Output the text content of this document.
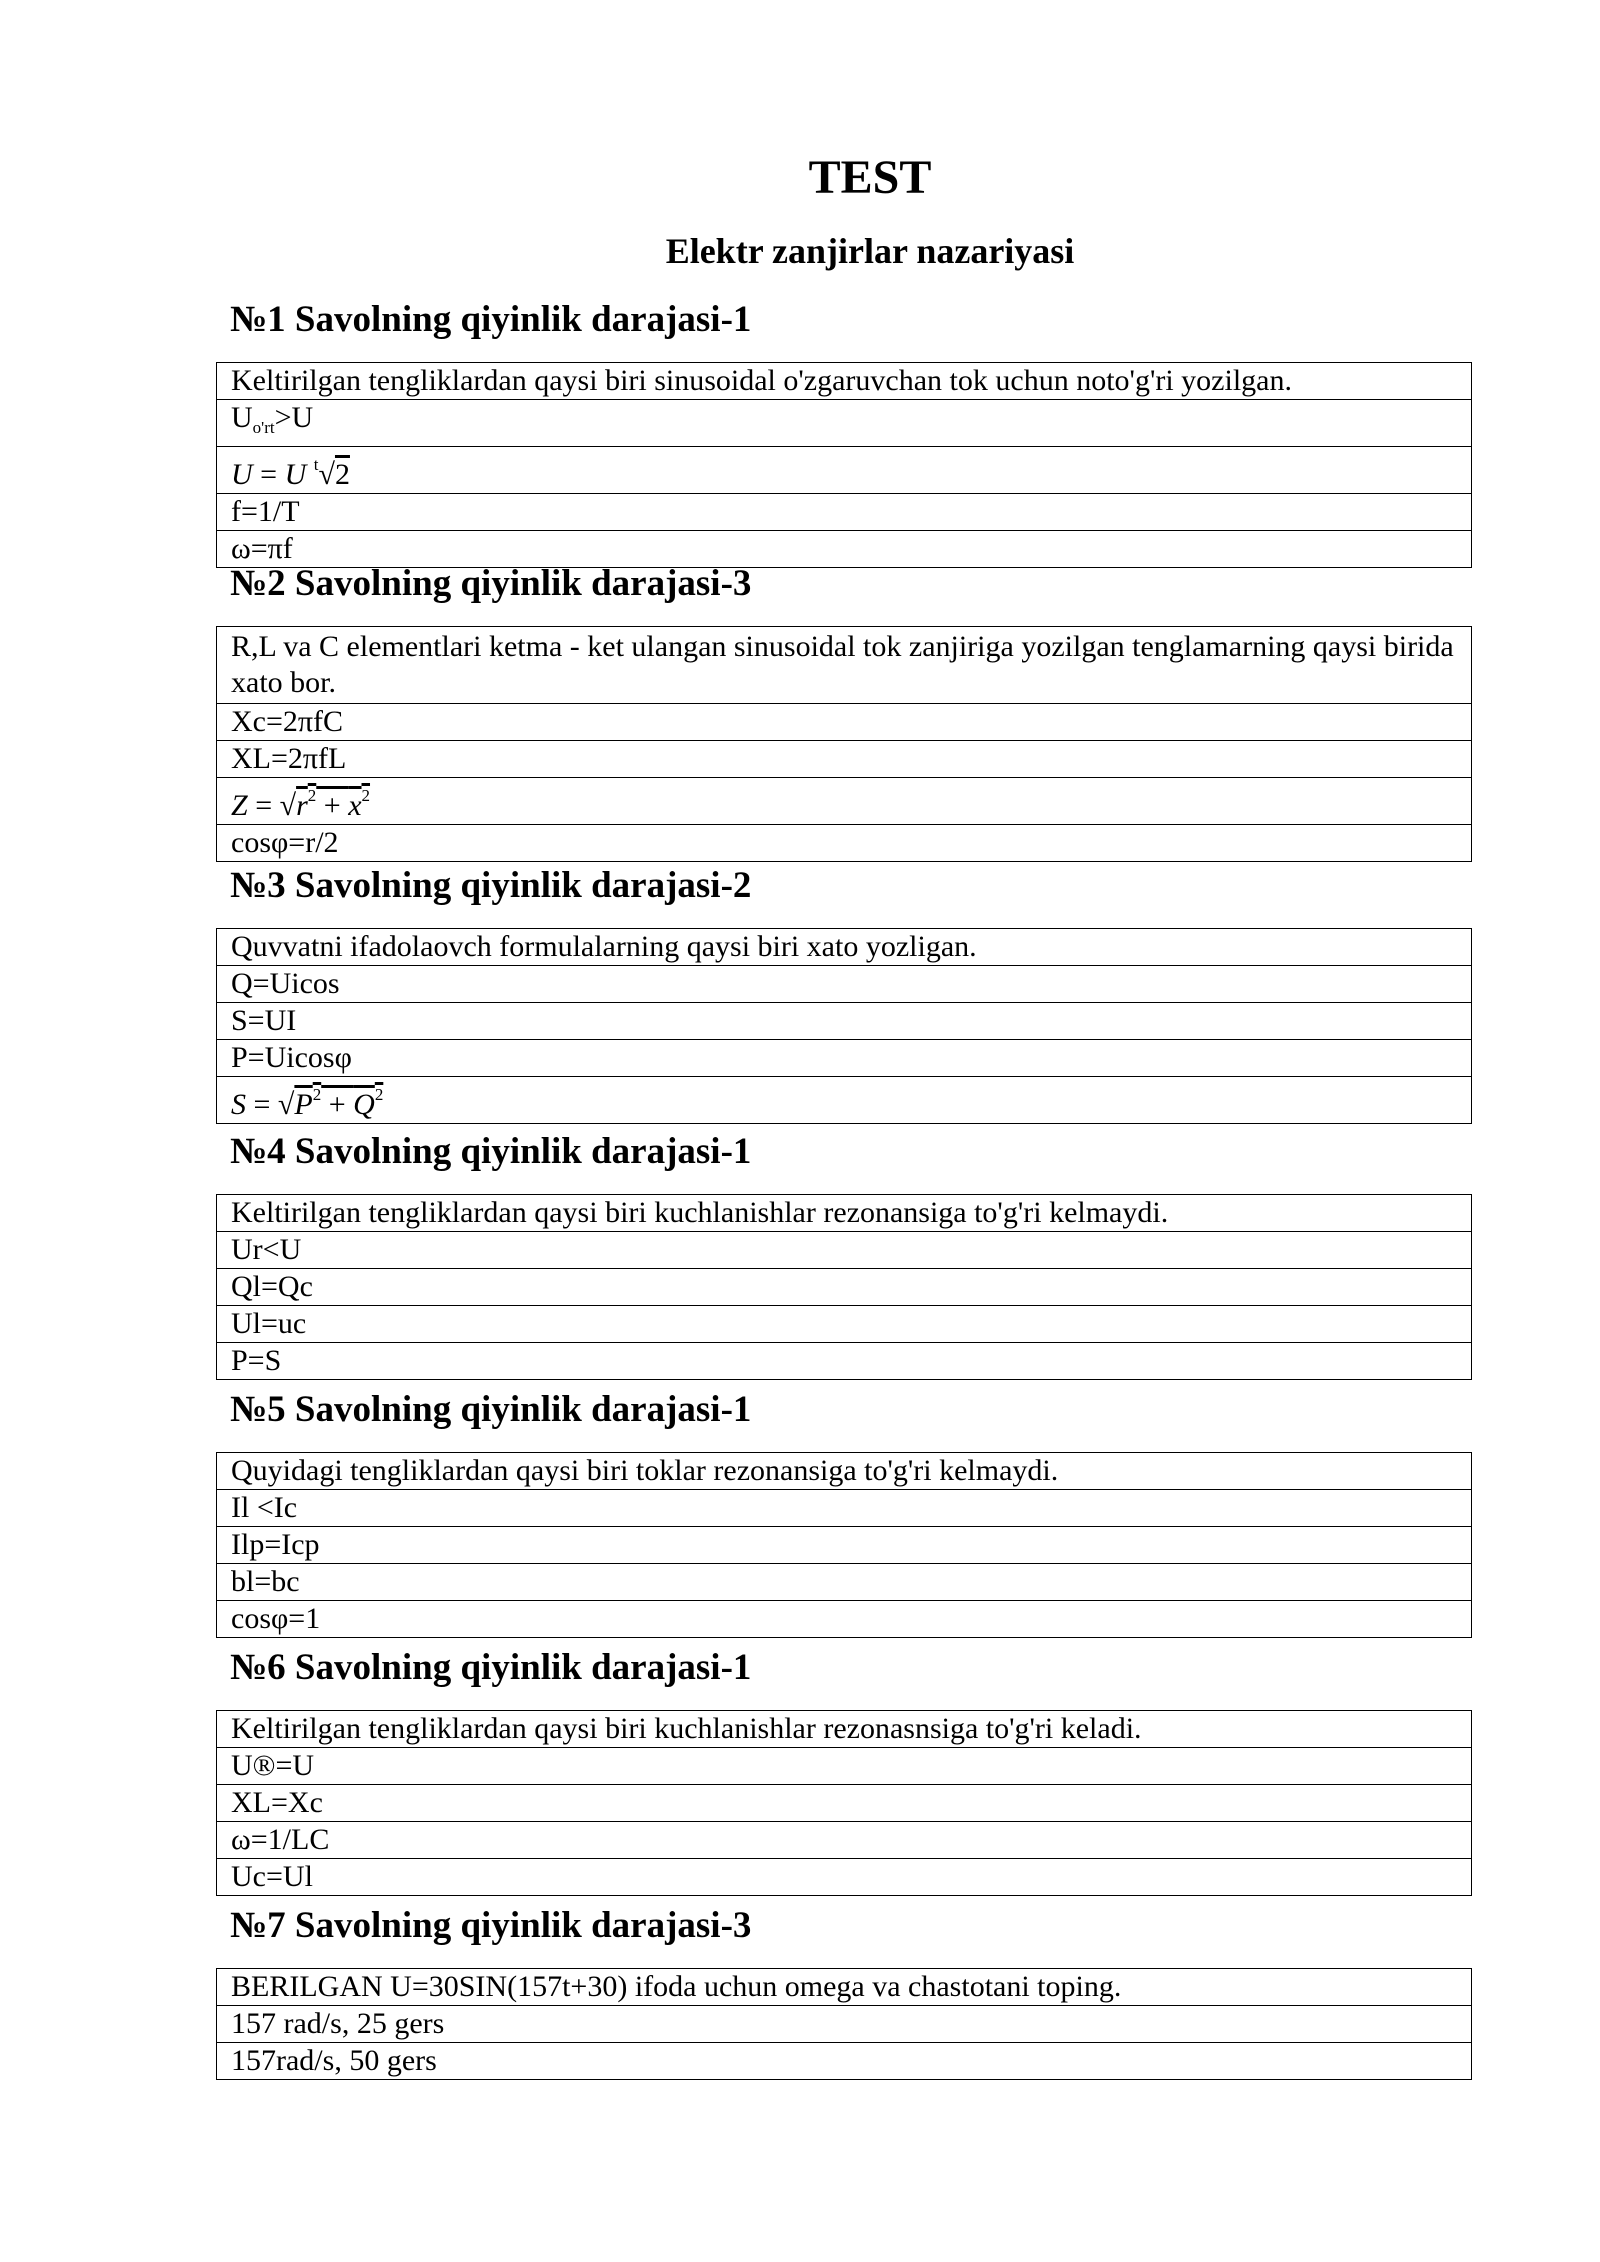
TEST
Elektr zanjirlar nazariyasi
№1 Savolning qiyinlik darajasi-1
Keltirilgan tengliklardan qaysi biri sinusoidal o'zgaruvchan tok uchun noto'g'ri yozilgan.
$U_{o'rt}>U$
U = U $^t$√2
f=1/T
ω=πf
№2 Savolning qiyinlik darajasi-3
R,L va C elementlari ketma - ket ulangan sinusoidal tok zanjiriga yozilgan tenglamarning qaysi birida xato bor.
Xc=2πfC
XL=2πfL
$Z = √r^2 + x^2$
cosφ=r/2
№3 Savolning qiyinlik darajasi-2
Quvvatni ifadolaovch formulalarning qaysi biri xato yozligan.
Q=Uicos
S=UI
P=Uicosφ
$S = √P^2 + Q^2$
№4 Savolning qiyinlik darajasi-1
Keltirilgan tengliklardan qaysi biri kuchlanishlar rezonansiga to'g'ri kelmaydi.
Ur<U
Ql=Qc
Ul=uc
P=S
№5 Savolning qiyinlik darajasi-1
Quyidagi tengliklardan qaysi biri toklar rezonansiga to'g'ri kelmaydi.
Il <Ic
Ilp=Icp
bl=bc
cosφ=1
№6 Savolning qiyinlik darajasi-1
Keltirilgan tengliklardan qaysi biri kuchlanishlar rezonasnsiga to'g'ri keladi.
U®=U
XL=Xc
ω=1/LC
Uc=Ul
№7 Savolning qiyinlik darajasi-3
BERILGAN U=30SIN(157t+30) ifoda uchun omega va chastotani toping.
157 rad/s, 25 gers
157rad/s, 50 gers
